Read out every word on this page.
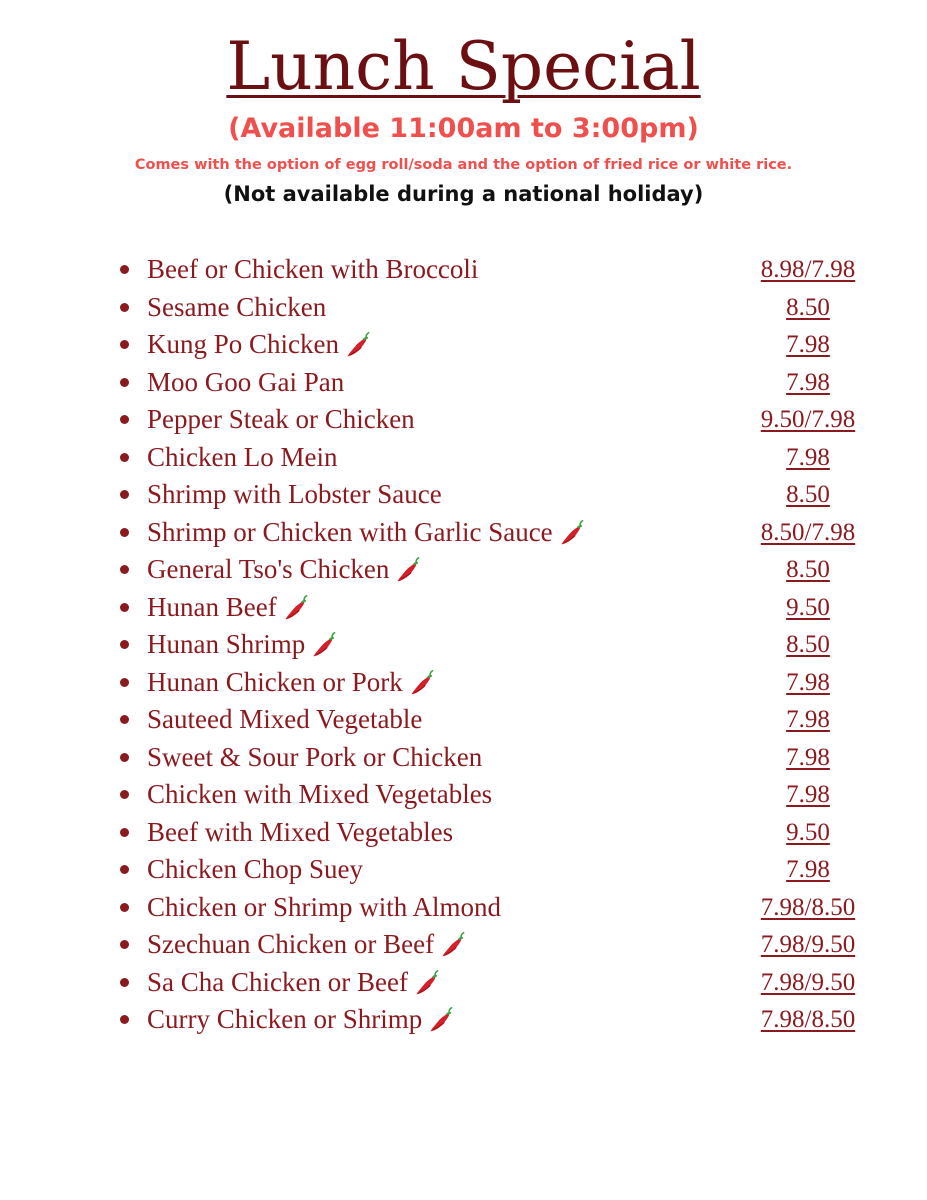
Lunch Special
(Available 11:00am to 3:00pm)
Comes with the option of egg roll/soda and the option of fried rice or white rice.
(Not available during a national holiday)
Beef or Chicken with Broccoli	8.98/7.98
Sesame Chicken	8.50
Kung Po Chicken	7.98
Moo Goo Gai Pan	7.98
Pepper Steak or Chicken	9.50/7.98
Chicken Lo Mein	7.98
Shrimp with Lobster Sauce	8.50
Shrimp or Chicken with Garlic Sauce	8.50/7.98
General Tso's Chicken	8.50
Hunan Beef	9.50
Hunan Shrimp	8.50
Hunan Chicken or Pork	7.98
Sauteed Mixed Vegetable	7.98
Sweet & Sour Pork or Chicken	7.98
Chicken with Mixed Vegetables	7.98
Beef with Mixed Vegetables	9.50
Chicken Chop Suey	7.98
Chicken or Shrimp with Almond	7.98/8.50
Szechuan Chicken or Beef	7.98/9.50
Sa Cha Chicken or Beef	7.98/9.50
Curry Chicken or Shrimp	7.98/8.50
